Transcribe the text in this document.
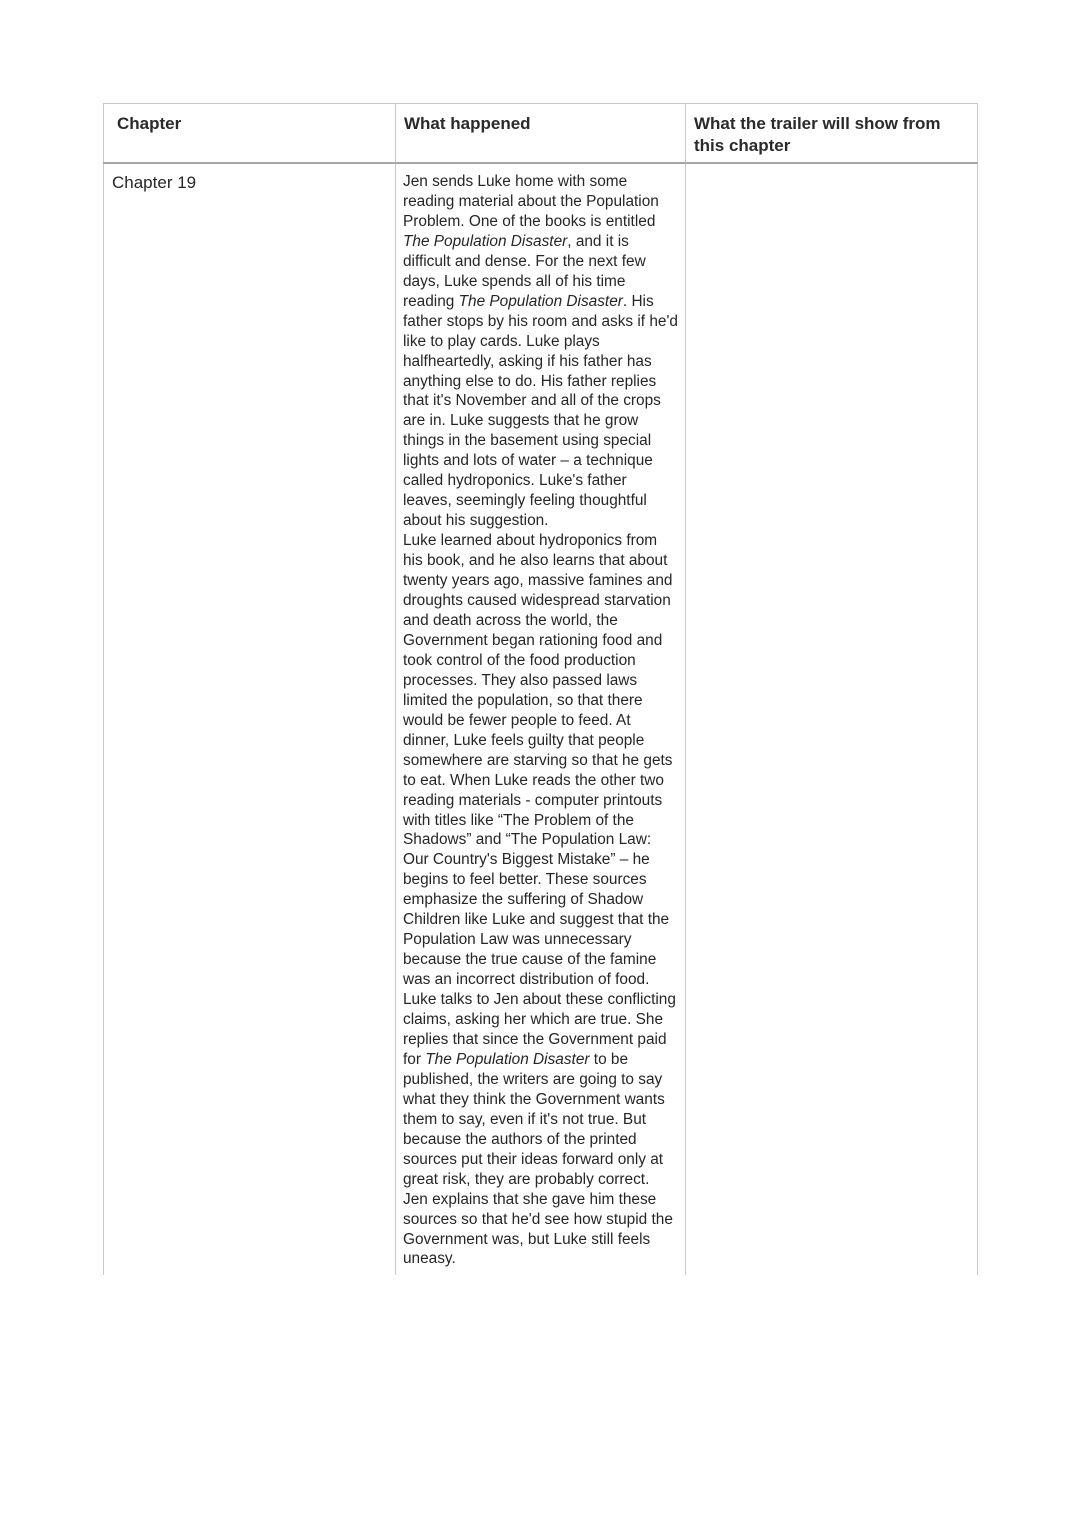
Chapter	What happened	What the trailer will show from this chapter

Chapter 19	Jen sends Luke home with some reading material about the Population Problem. One of the books is entitled The Population Disaster, and it is difficult and dense. For the next few days, Luke spends all of his time reading The Population Disaster. His father stops by his room and asks if he'd like to play cards. Luke plays halfheartedly, asking if his father has anything else to do. His father replies that it's November and all of the crops are in. Luke suggests that he grow things in the basement using special lights and lots of water – a technique called hydroponics. Luke's father leaves, seemingly feeling thoughtful about his suggestion.

Luke learned about hydroponics from his book, and he also learns that about twenty years ago, massive famines and droughts caused widespread starvation and death across the world, the Government began rationing food and took control of the food production processes. They also passed laws limited the population, so that there would be fewer people to feed. At dinner, Luke feels guilty that people somewhere are starving so that he gets to eat. When Luke reads the other two reading materials - computer printouts with titles like “The Problem of the Shadows” and “The Population Law: Our Country's Biggest Mistake” – he begins to feel better. These sources emphasize the suffering of Shadow Children like Luke and suggest that the Population Law was unnecessary because the true cause of the famine was an incorrect distribution of food. Luke talks to Jen about these conflicting claims, asking her which are true. She replies that since the Government paid for The Population Disaster to be published, the writers are going to say what they think the Government wants them to say, even if it's not true. But because the authors of the printed sources put their ideas forward only at great risk, they are probably correct. Jen explains that she gave him these sources so that he'd see how stupid the Government was, but Luke still feels uneasy.	
